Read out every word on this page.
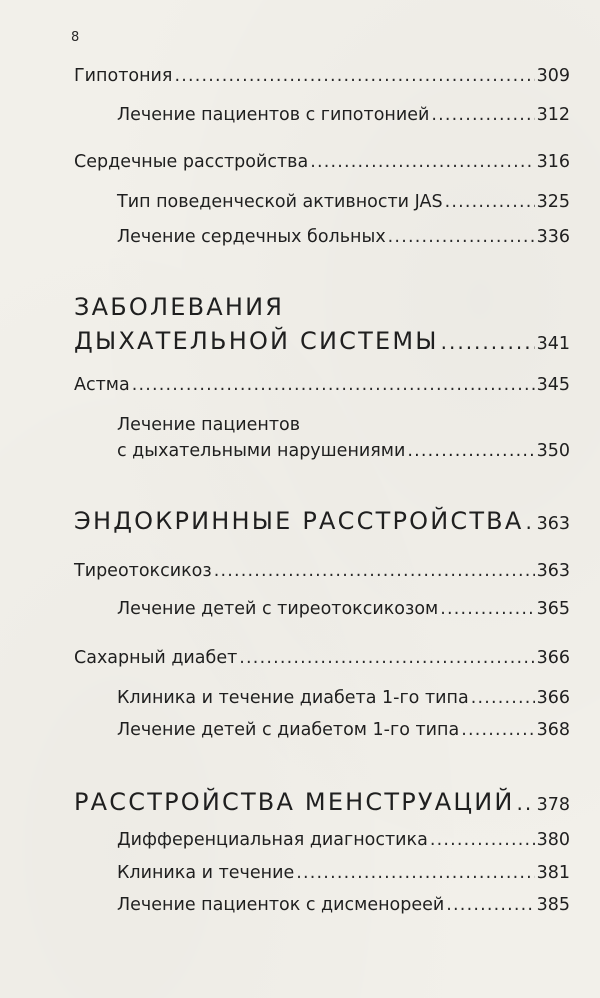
8
Гипотония .....	309
Лечение пациентов с гипотонией .....	312
Сердечные расстройства .....	316
Тип поведенческой активности JAS .....	325
Лечение сердечных больных .....	336
ЗАБОЛЕВАНИЯ
ДЫХАТЕЛЬНОЙ СИСТЕМЫ .....	341
Астма .....	345
Лечение пациентов
с дыхательными нарушениями .....	350
ЭНДОКРИННЫЕ РАССТРОЙСТВА ..... 363
Тиреотоксикоз .....	363
Лечение детей с тиреотоксикозом .....	365
Сахарный диабет .....	366
Клиника и течение диабета 1-го типа .....	366
Лечение детей с диабетом 1-го типа .....	368
РАССТРОЙСТВА МЕНСТРУАЦИЙ ..... 378
Дифференциальная диагностика .....	380
Клиника и течение .....	381
Лечение пациенток с дисменореей .....	385
